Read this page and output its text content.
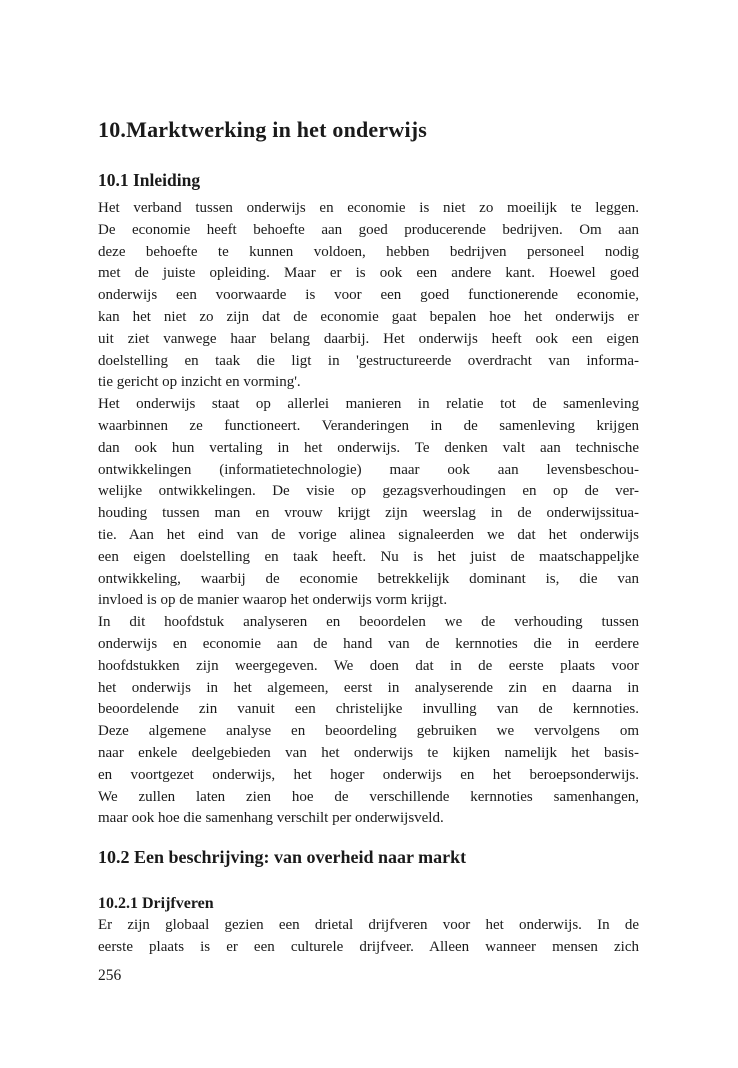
10.Marktwerking in het onderwijs
10.1 Inleiding
Het verband tussen onderwijs en economie is niet zo moeilijk te leggen.
De economie heeft behoefte aan goed producerende bedrijven. Om aan
deze behoefte te kunnen voldoen, hebben bedrijven personeel nodig
met de juiste opleiding. Maar er is ook een andere kant. Hoewel goed
onderwijs een voorwaarde is voor een goed functionerende economie,
kan het niet zo zijn dat de economie gaat bepalen hoe het onderwijs er
uit ziet vanwege haar belang daarbij. Het onderwijs heeft ook een eigen
doelstelling en taak die ligt in 'gestructureerde overdracht van informa-
tie gericht op inzicht en vorming'.
Het onderwijs staat op allerlei manieren in relatie tot de samenleving
waarbinnen ze functioneert. Veranderingen in de samenleving krijgen
dan ook hun vertaling in het onderwijs. Te denken valt aan technische
ontwikkelingen (informatietechnologie) maar ook aan levensbeschou-
welijke ontwikkelingen. De visie op gezagsverhoudingen en op de ver-
houding tussen man en vrouw krijgt zijn weerslag in de onderwijssitua-
tie. Aan het eind van de vorige alinea signaleerden we dat het onderwijs
een eigen doelstelling en taak heeft. Nu is het juist de maatschappeljke
ontwikkeling, waarbij de economie betrekkelijk dominant is, die van
invloed is op de manier waarop het onderwijs vorm krijgt.
In dit hoofdstuk analyseren en beoordelen we de verhouding tussen
onderwijs en economie aan de hand van de kernnoties die in eerdere
hoofdstukken zijn weergegeven. We doen dat in de eerste plaats voor
het onderwijs in het algemeen, eerst in analyserende zin en daarna in
beoordelende zin vanuit een christelijke invulling van de kernnoties.
Deze algemene analyse en beoordeling gebruiken we vervolgens om
naar enkele deelgebieden van het onderwijs te kijken namelijk het basis-
en voortgezet onderwijs, het hoger onderwijs en het beroepsonderwijs.
We zullen laten zien hoe de verschillende kernnoties samenhangen,
maar ook hoe die samenhang verschilt per onderwijsveld.
10.2 Een beschrijving: van overheid naar markt
10.2.1 Drijfveren
Er zijn globaal gezien een drietal drijfveren voor het onderwijs. In de
eerste plaats is er een culturele drijfveer. Alleen wanneer mensen zich
256
